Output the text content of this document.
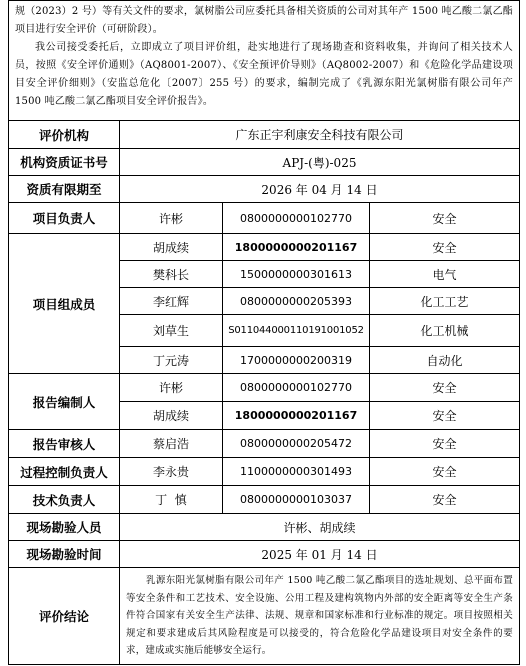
规（2023）2 号）等有关文件的要求，氯树脂公司应委托具备相关资质的公司对其年产 1500 吨乙酸二氯乙酯项目进行安全评价（可研阶段）。

我公司接受委托后，立即成立了项目评价组，赴实地进行了现场勘查和资料收集，并询问了相关技术人员，按照《安全评价通则》（AQ8001-2007）、《安全预评价导则》（AQ8002-2007）和《危险化学品建设项目安全评价细则》（安监总危化〔2007〕255 号）的要求，编制完成了《乳源东阳光氯树脂有限公司年产 1500 吨乙酸二氯乙酯项目安全评价报告》。			

评价机构	广东正宇利康安全科技有限公司		
机构资质证书号	APJ-(粤)-025		
资质有限期至	2026 年 04 月 14 日		
项目负责人	许彬	0800000000102770	安全
项目组成员	胡成续	1800000000201167	安全
	樊科长	1500000000301613	电气
	李红辉	0800000000205393	化工工艺
	刘草生	S011044000110191001052	化工机械
	丁元涛	1700000000200319	自动化
报告编制人	许彬	0800000000102770	安全
	胡成续	1800000000201167	安全
报告审核人	蔡启浩	0800000000205472	安全
过程控制负责人	李永贵	1100000000301493	安全
技术负责人	丁  慎	0800000000103037	安全
现场勘验人员	许彬、胡成续		
现场勘验时间	2025 年 01 月 14 日		
评价结论	乳源东阳光氯树脂有限公司年产 1500 吨乙酸二氯乙酯项目的选址规划、总平面布置等安全条件和工艺技术、安全设施、公用工程及建构筑物内外部的安全距离等安全生产条件符合国家有关安全生产法律、法规、规章和国家标准和行业标准的规定。项目按照相关规定和要求建成后其风险程度是可以接受的，符合危险化学品建设项目对安全条件的要求，建成或实施后能够安全运行。		
